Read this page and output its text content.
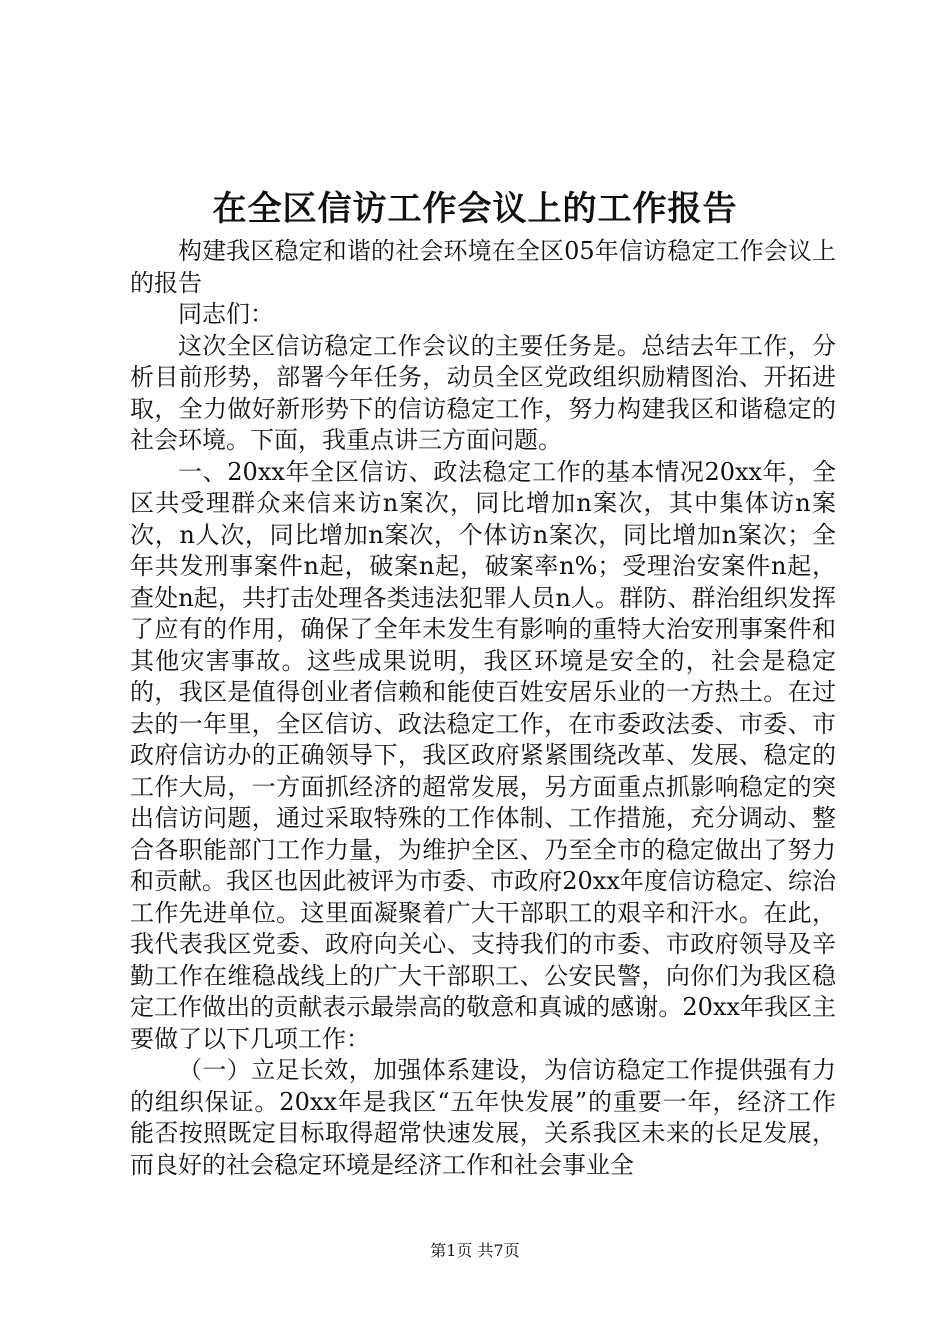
在全区信访工作会议上的工作报告

构建我区稳定和谐的社会环境在全区05年信访稳定工作会议上的报告

同志们：

这次全区信访稳定工作会议的主要任务是。总结去年工作，分析目前形势，部署今年任务，动员全区党政组织励精图治、开拓进取，全力做好新形势下的信访稳定工作，努力构建我区和谐稳定的社会环境。下面，我重点讲三方面问题。

一、20xx年全区信访、政法稳定工作的基本情况20xx年，全区共受理群众来信来访n案次，同比增加n案次，其中集体访n案次，n人次，同比增加n案次，个体访n案次，同比增加n案次；全年共发刑事案件n起，破案n起，破案率n%；受理治安案件n起，查处n起，共打击处理各类违法犯罪人员n人。群防、群治组织发挥了应有的作用，确保了全年未发生有影响的重特大治安刑事案件和其他灾害事故。这些成果说明，我区环境是安全的，社会是稳定的，我区是值得创业者信赖和能使百姓安居乐业的一方热土。在过去的一年里，全区信访、政法稳定工作，在市委政法委、市委、市政府信访办的正确领导下，我区政府紧紧围绕改革、发展、稳定的工作大局，一方面抓经济的超常发展，另方面重点抓影响稳定的突出信访问题，通过采取特殊的工作体制、工作措施，充分调动、整合各职能部门工作力量，为维护全区、乃至全市的稳定做出了努力和贡献。我区也因此被评为市委、市政府20xx年度信访稳定、综治工作先进单位。这里面凝聚着广大干部职工的艰辛和汗水。在此，我代表我区党委、政府向关心、支持我们的市委、市政府领导及辛勤工作在维稳战线上的广大干部职工、公安民警，向你们为我区稳定工作做出的贡献表示最崇高的敬意和真诚的感谢。20xx年我区主要做了以下几项工作：

（一）立足长效，加强体系建设，为信访稳定工作提供强有力的组织保证。20xx年是我区“五年快发展”的重要一年，经济工作能否按照既定目标取得超常快速发展，关系我区未来的长足发展，而良好的社会稳定环境是经济工作和社会事业全

第1页 共7页
